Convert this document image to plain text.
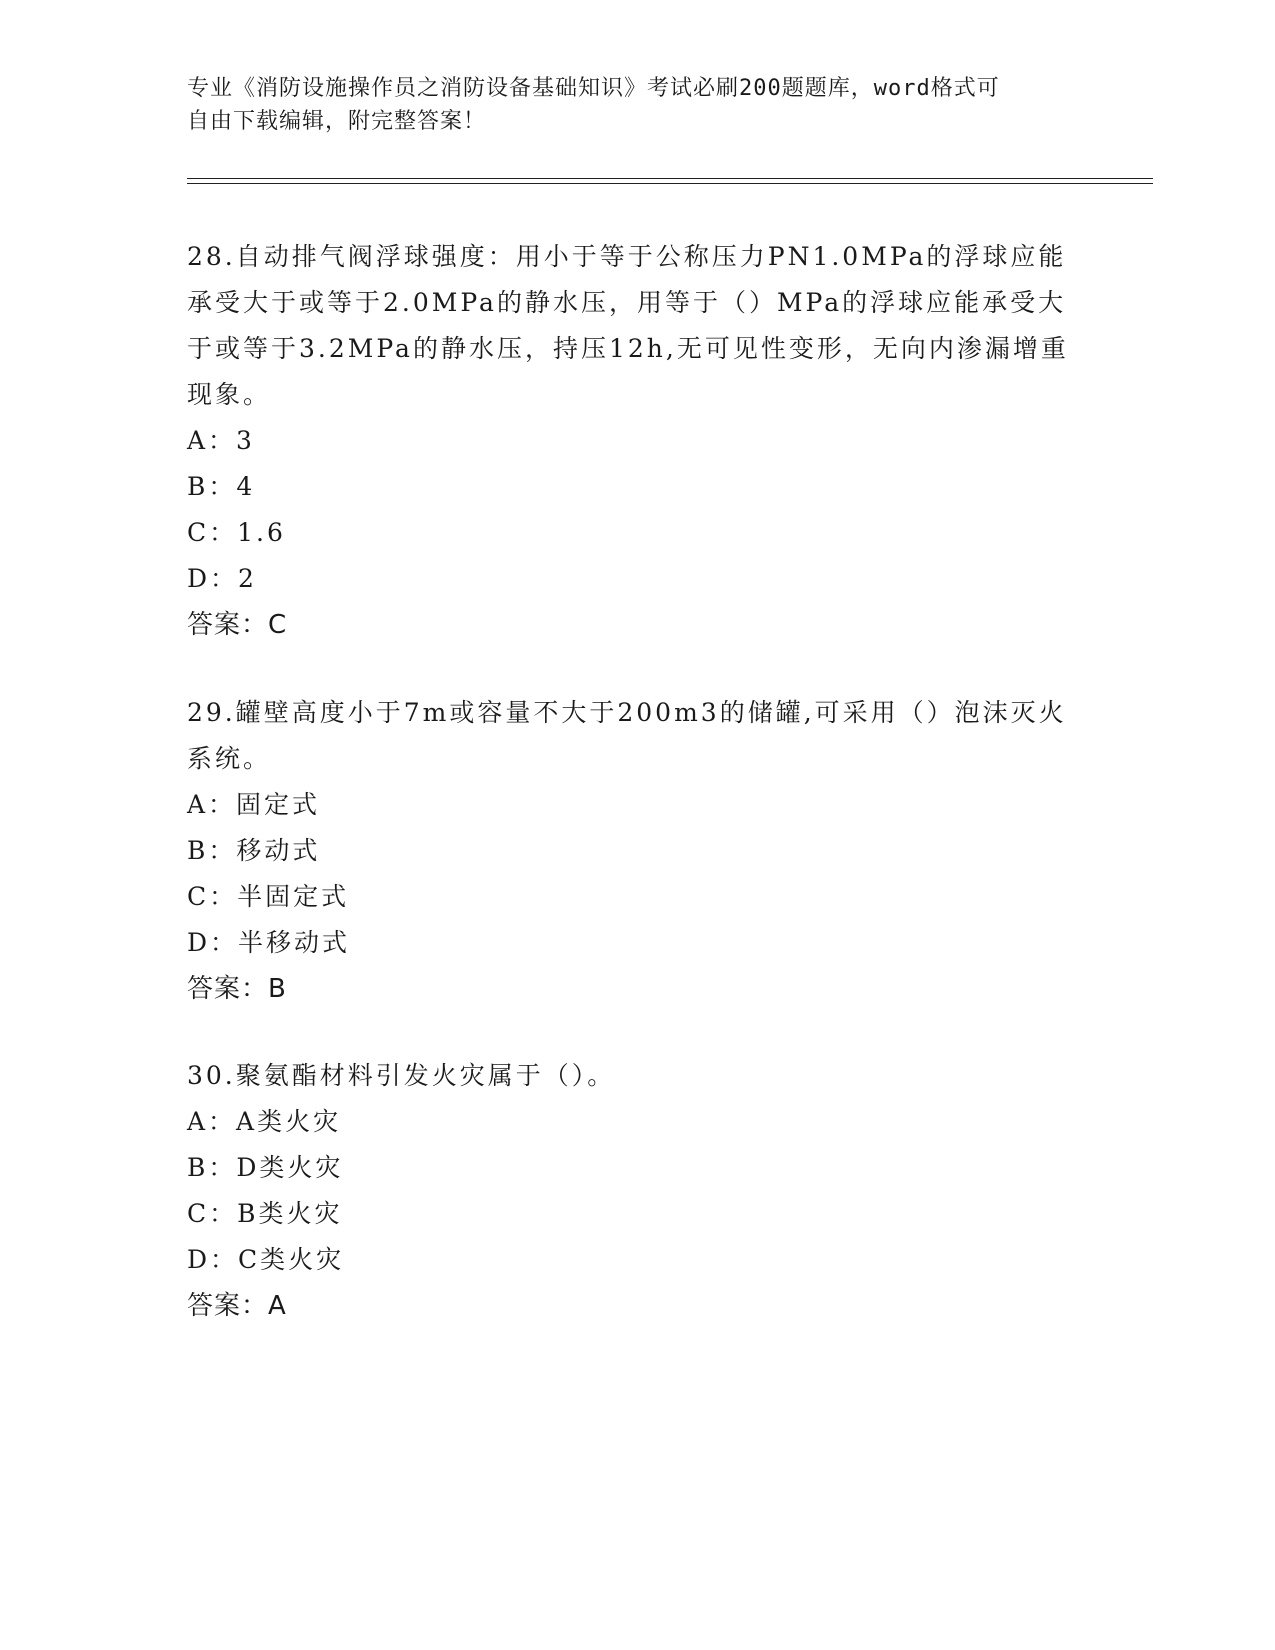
专业《消防设施操作员之消防设备基础知识》考试必刷200题题库，word格式可
自由下载编辑，附完整答案！

28.自动排气阀浮球强度：用小于等于公称压力PN1.0MPa的浮球应能

承受大于或等于2.0MPa的静水压，用等于（）MPa的浮球应能承受大

于或等于3.2MPa的静水压，持压12h,无可见性变形，无向内渗漏增重

现象。

A：3

B：4

C：1.6

D：2

答案：C

29.罐壁高度小于7m或容量不大于200m3的储罐,可采用（）泡沫灭火

系统。

A：固定式

B：移动式

C：半固定式

D：半移动式

答案：B

30.聚氨酯材料引发火灾属于（）。

A：A类火灾

B：D类火灾

C：B类火灾

D：C类火灾

答案：A
